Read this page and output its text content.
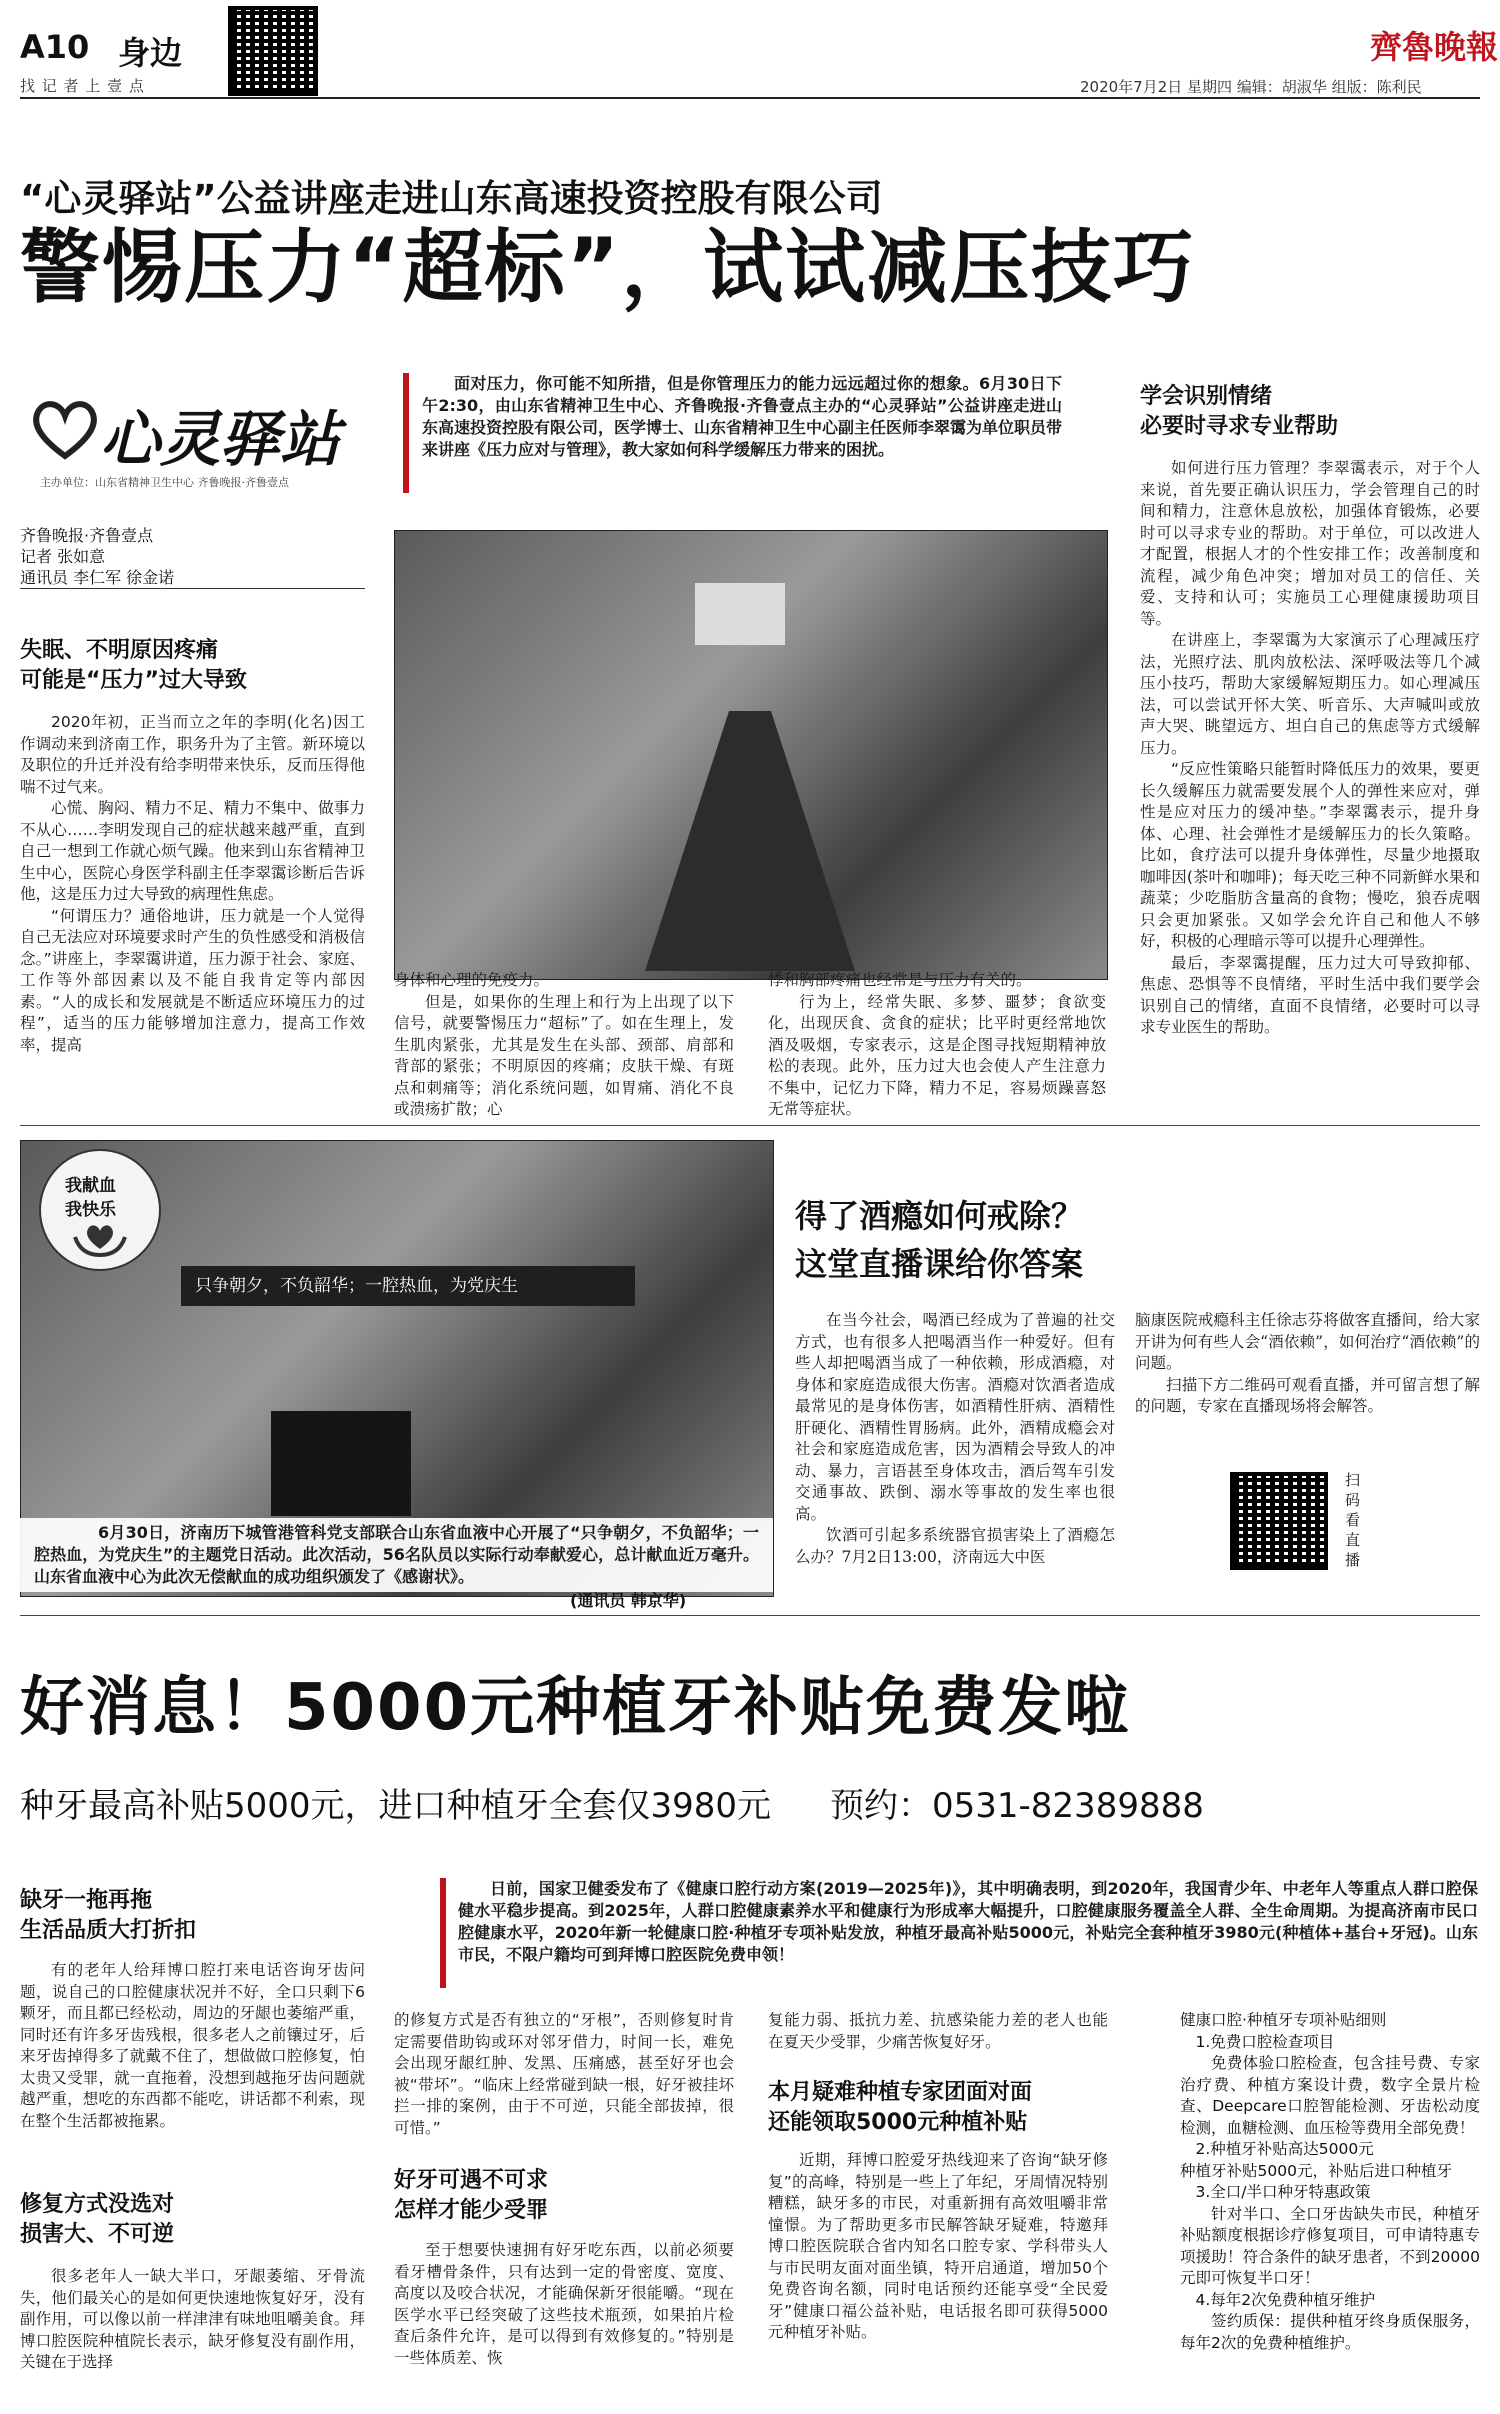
A10 身边
找 记 者 上 壹 点
齊魯晚報
2020年7月2日 星期四 编辑：胡淑华 组版：陈利民
“心灵驿站”公益讲座走进山东高速投资控股有限公司
警惕压力“超标”，试试减压技巧
心灵驿站
主办单位：山东省精神卫生中心 齐鲁晚报·齐鲁壹点
齐鲁晚报·齐鲁壹点
记者 张如意
通讯员 李仁军 徐金诺

面对压力，你可能不知所措，但是你管理压力的能力远远超过你的想象。6月30日下午2:30，由山东省精神卫生中心、齐鲁晚报·齐鲁壹点主办的“心灵驿站”公益讲座走进山东高速投资控股有限公司，医学博士、山东省精神卫生中心副主任医师李翠霭为单位职员带来讲座《压力应对与管理》，教大家如何科学缓解压力带来的困扰。

失眠、不明原因疼痛
可能是“压力”过大导致

2020年初，正当而立之年的李明(化名)因工作调动来到济南工作，职务升为了主管。新环境以及职位的升迁并没有给李明带来快乐，反而压得他喘不过气来。

心慌、胸闷、精力不足、精力不集中、做事力不从心……李明发现自己的症状越来越严重，直到自己一想到工作就心烦气躁。他来到山东省精神卫生中心，医院心身医学科副主任李翠霭诊断后告诉他，这是压力过大导致的病理性焦虑。

“何谓压力？通俗地讲，压力就是一个人觉得自己无法应对环境要求时产生的负性感受和消极信念。”讲座上，李翠霭讲道，压力源于社会、家庭、工作等外部因素以及不能自我肯定等内部因素。“人的成长和发展就是不断适应环境压力的过程”，适当的压力能够增加注意力，提高工作效率，提高

身体和心理的免疫力。

但是，如果你的生理上和行为上出现了以下信号，就要警惕压力“超标”了。如在生理上，发生肌肉紧张，尤其是发生在头部、颈部、肩部和背部的紧张；不明原因的疼痛；皮肤干燥、有斑点和刺痛等；消化系统问题，如胃痛、消化不良或溃疡扩散；心

悸和胸部疼痛也经常是与压力有关的。

行为上，经常失眠、多梦、噩梦；食欲变化，出现厌食、贪食的症状；比平时更经常地饮酒及吸烟，专家表示，这是企图寻找短期精神放松的表现。此外，压力过大也会使人产生注意力不集中，记忆力下降，精力不足，容易烦躁喜怒无常等症状。

学会识别情绪
必要时寻求专业帮助

如何进行压力管理？李翠霭表示，对于个人来说，首先要正确认识压力，学会管理自己的时间和精力，注意休息放松，加强体育锻炼，必要时可以寻求专业的帮助。对于单位，可以改进人才配置，根据人才的个性安排工作；改善制度和流程，减少角色冲突；增加对员工的信任、关爱、支持和认可；实施员工心理健康援助项目等。

在讲座上，李翠霭为大家演示了心理减压疗法，光照疗法、肌肉放松法、深呼吸法等几个减压小技巧，帮助大家缓解短期压力。如心理减压法，可以尝试开怀大笑、听音乐、大声喊叫或放声大哭、眺望远方、坦白自己的焦虑等方式缓解压力。

“反应性策略只能暂时降低压力的效果，要更长久缓解压力就需要发展个人的弹性来应对，弹性是应对压力的缓冲垫。”李翠霭表示，提升身体、心理、社会弹性才是缓解压力的长久策略。比如，食疗法可以提升身体弹性，尽量少地摄取咖啡因(茶叶和咖啡)；每天吃三种不同新鲜水果和蔬菜；少吃脂肪含量高的食物；慢吃，狼吞虎咽只会更加紧张。又如学会允许自己和他人不够好，积极的心理暗示等可以提升心理弹性。

最后，李翠霭提醒，压力过大可导致抑郁、焦虑、恐惧等不良情绪，平时生活中我们要学会识别自己的情绪，直面不良情绪，必要时可以寻求专业医生的帮助。

只争朝夕，不负韶华；一腔热血，为党庆生
我献血
我快乐

6月30日，济南历下城管港管科党支部联合山东省血液中心开展了“只争朝夕，不负韶华；一腔热血，为党庆生”的主题党日活动。此次活动，56名队员以实际行动奉献爱心，总计献血近万毫升。山东省血液中心为此次无偿献血的成功组织颁发了《感谢状》。

(通讯员 韩京华)
得了酒瘾如何戒除？
这堂直播课给你答案

在当今社会，喝酒已经成为了普遍的社交方式，也有很多人把喝酒当作一种爱好。但有些人却把喝酒当成了一种依赖，形成酒瘾，对身体和家庭造成很大伤害。酒瘾对饮酒者造成最常见的是身体伤害，如酒精性肝病、酒精性肝硬化、酒精性胃肠病。此外，酒精成瘾会对社会和家庭造成危害，因为酒精会导致人的冲动、暴力，言语甚至身体攻击，酒后驾车引发交通事故、跌倒、溺水等事故的发生率也很高。

饮酒可引起多系统器官损害染上了酒瘾怎么办？7月2日13:00，济南远大中医

脑康医院戒瘾科主任徐志芬将做客直播间，给大家开讲为何有些人会“酒依赖”，如何治疗“酒依赖”的问题。

扫描下方二维码可观看直播，并可留言想了解的问题，专家在直播现场将会解答。

扫码看直播
好消息！5000元种植牙补贴免费发啦
种牙最高补贴5000元，进口种植牙全套仅3980元 预约：0531-82389888

日前，国家卫健委发布了《健康口腔行动方案(2019—2025年)》，其中明确表明，到2020年，我国青少年、中老年人等重点人群口腔保健水平稳步提高。到2025年，人群口腔健康素养水平和健康行为形成率大幅提升，口腔健康服务覆盖全人群、全生命周期。为提高济南市民口腔健康水平，2020年新一轮健康口腔·种植牙专项补贴发放，种植牙最高补贴5000元，补贴完全套种植牙3980元(种植体+基台+牙冠)。山东市民，不限户籍均可到拜博口腔医院免费申领！

缺牙一拖再拖
生活品质大打折扣

有的老年人给拜博口腔打来电话咨询牙齿问题，说自己的口腔健康状况并不好，全口只剩下6颗牙，而且都已经松动，周边的牙龈也萎缩严重，同时还有许多牙齿残根，很多老人之前镶过牙，后来牙齿掉得多了就戴不住了，想做做口腔修复，怕太贵又受罪，就一直拖着，没想到越拖牙齿问题就越严重，想吃的东西都不能吃，讲话都不利索，现在整个生活都被拖累。

修复方式没选对
损害大、不可逆

很多老年人一缺大半口，牙龈萎缩、牙骨流失，他们最关心的是如何更快速地恢复好牙，没有副作用，可以像以前一样津津有味地咀嚼美食。拜博口腔医院种植院长表示，缺牙修复没有副作用，关键在于选择

的修复方式是否有独立的“牙根”，否则修复时肯定需要借助钩或环对邻牙借力，时间一长，难免会出现牙龈红肿、发黑、压痛感，甚至好牙也会被“带坏”。“临床上经常碰到缺一根，好牙被挂坏拦一排的案例，由于不可逆，只能全部拔掉，很可惜。”

好牙可遇不可求
怎样才能少受罪

至于想要快速拥有好牙吃东西，以前必须要看牙槽骨条件，只有达到一定的骨密度、宽度、高度以及咬合状况，才能确保新牙很能嚼。“现在医学水平已经突破了这些技术瓶颈，如果拍片检查后条件允许，是可以得到有效修复的。”特别是一些体质差、恢

复能力弱、抵抗力差、抗感染能力差的老人也能在夏天少受罪，少痛苦恢复好牙。

本月疑难种植专家团面对面
还能领取5000元种植补贴

近期，拜博口腔爱牙热线迎来了咨询“缺牙修复”的高峰，特别是一些上了年纪，牙周情况特别糟糕，缺牙多的市民，对重新拥有高效咀嚼非常憧憬。为了帮助更多市民解答缺牙疑难，特邀拜博口腔医院联合省内知名口腔专家、学科带头人与市民明友面对面坐镇，特开启通道，增加50个免费咨询名额，同时电话预约还能享受“全民爱牙”健康口福公益补贴，电话报名即可获得5000元种植牙补贴。

健康口腔·种植牙专项补贴细则
1.免费口腔检查项目
免费体验口腔检查，包含挂号费、专家治疗费、种植方案设计费，数字全景片检查、Deepcare口腔智能检测、牙齿松动度检测，血糖检测、血压检等费用全部免费！
2.种植牙补贴高达5000元
种植牙补贴5000元，补贴后进口种植牙
3.全口/半口种牙特惠政策
针对半口、全口牙齿缺失市民，种植牙补贴额度根据诊疗修复项目，可申请特惠专项援助！符合条件的缺牙患者，不到20000元即可恢复半口牙！
4.每年2次免费种植牙维护
签约质保：提供种植牙终身质保服务，每年2次的免费种植维护。
